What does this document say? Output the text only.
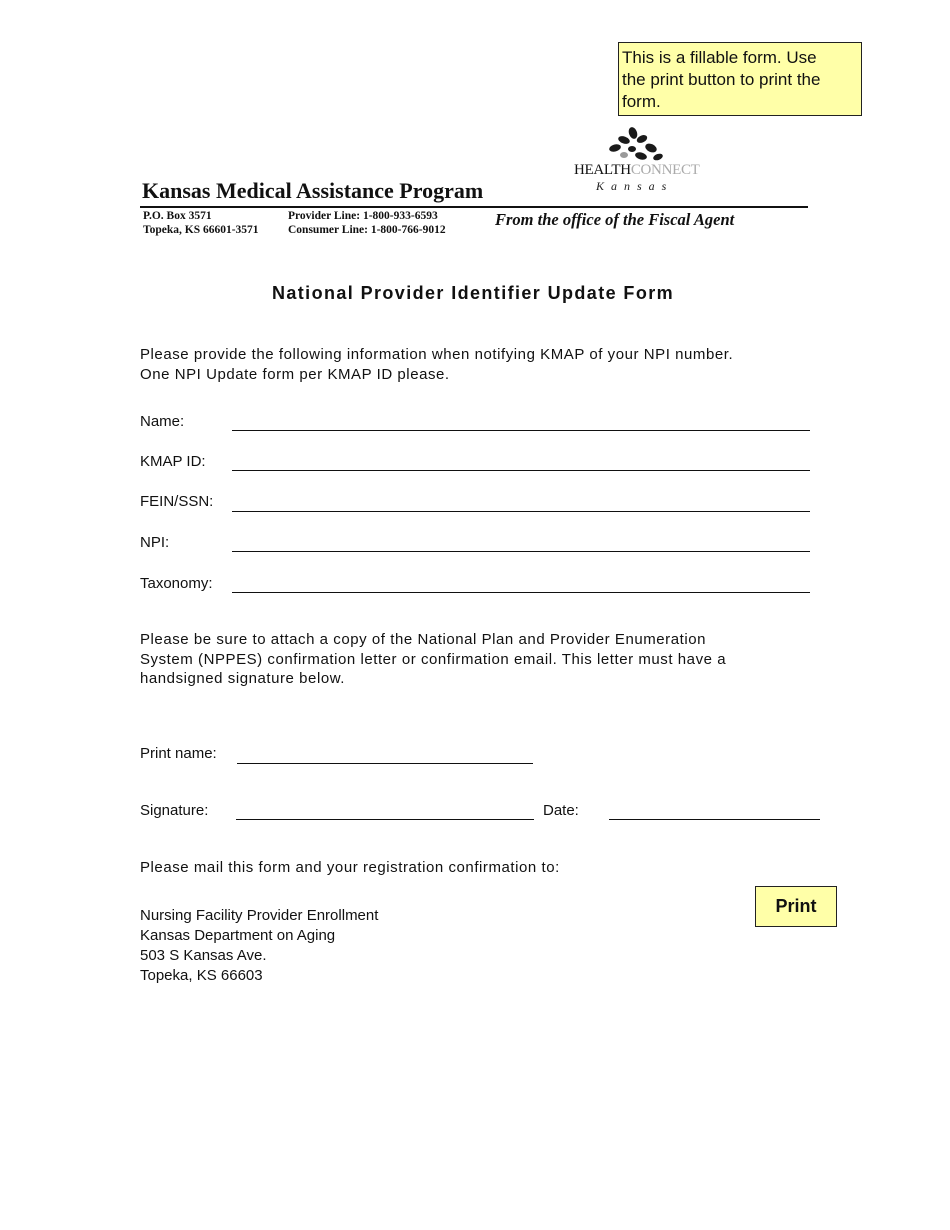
This is a fillable form. Use
the print button to print the
form.
HEALTHCONNECT
Kansas
Kansas Medical Assistance Program
P.O. Box 3571
Topeka, KS 66601-3571
Provider Line: 1-800-933-6593
Consumer Line: 1-800-766-9012
From the office of the Fiscal Agent
National Provider Identifier Update Form
Please provide the following information when notifying KMAP of your NPI number.
One NPI Update form per KMAP ID please.
Name:
KMAP ID:
FEIN/SSN:
NPI:
Taxonomy:
Please be sure to attach a copy of the National Plan and Provider Enumeration
System (NPPES) confirmation letter or confirmation email. This letter must have a
handsigned signature below.
Print name:
Signature:	Date:
Please mail this form and your registration confirmation to:
Print
Nursing Facility Provider Enrollment
Kansas Department on Aging
503 S Kansas Ave.
Topeka, KS 66603
